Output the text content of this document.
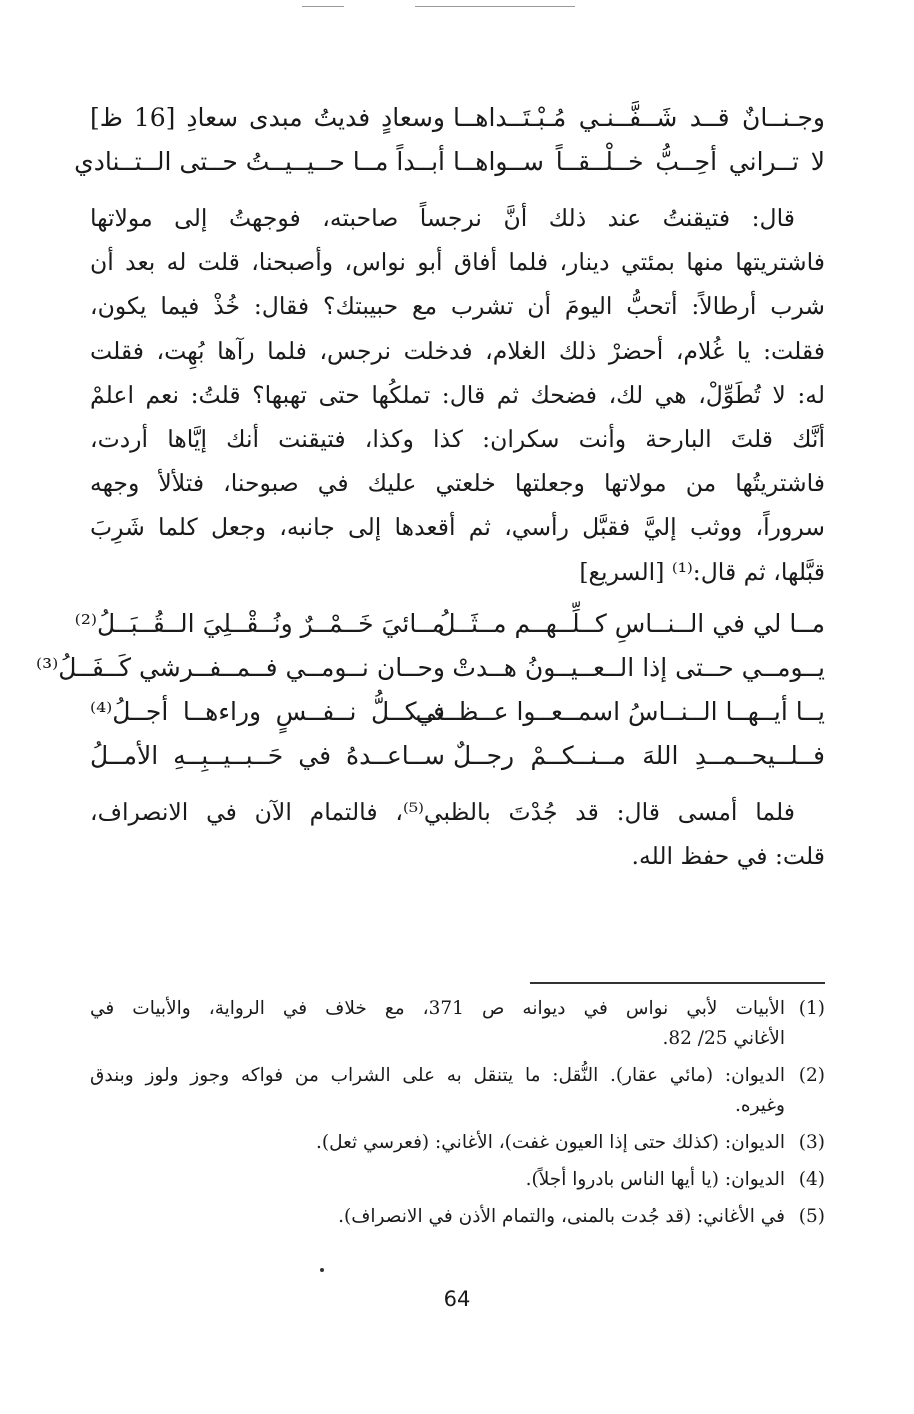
وجـنــانٌ قــد شَــفَّــنـي مُـبْـتَــداهــا
وسعادٍ فديتُ مبدى سعادِ [16 ظ]
لا تــراني أحِــبُّ خــلْــقــاً ســواهــا
أبــداً مــا حــيــيــتُ حــتى الــتــنادي

قال: فتيقنتُ عند ذلك أنَّ نرجساً صاحبته، فوجهتُ إلى مولاتها
فاشتريتها منها بمئتي دينار، فلما أفاق أبو نواس، وأصبحنا، قلت له بعد أن
شرب أرطالاً: أتحبُّ اليومَ أن تشرب مع حبيبتك؟ فقال: خُذْ فيما يكون،
فقلت: يا غُلام، أحضرْ ذلك الغلام، فدخلت نرجس، فلما رآها بُهِت، فقلت
له: لا تُطَوِّلْ، هي لك، فضحك ثم قال: تملكُها حتى تهبها؟ قلتُ: نعم اعلمْ
أنَّك قلتَ البارحة وأنت سكران: كذا وكذا، فتيقنت أنك إيَّاها أردت،
فاشتريتُها من مولاتها وجعلتها خلعتي عليك في صبوحنا، فتلألأ وجهه
سروراً، ووثب إليَّ فقبَّل رأسي، ثم أقعدها إلى جانبه، وجعل كلما شَرِبَ
قبَّلها، ثم قال:⁽¹⁾ [السريع]

مــا لي في الــنــاسِ كــلِّــهــم مــثَــلُ
مــائيَ خَــمْــرٌ ونُــقْــلِيَ الــقُــبَــلُ⁽²⁾
يــومــي حــتى إذا الــعــيــونُ هــدتْ
وحــان نــومــي فــمــفــرشي كَــفَــلُ⁽³⁾
يــا أيــهــا الــنــاسُ اسمــعــوا عــظــتي
فــكــلُّ نــفــسٍ وراءهــا أجــلُ⁽⁴⁾
فــلــيحــمــدِ اللهَ مــنــكــمْ رجــلٌ
ســاعــدهُ في حَــبــيــبِــهِ الأمــلُ

فلما أمسى قال: قد جُدْتَ بالظبي⁽⁵⁾، فالتمام الآن في الانصراف،
قلت: في حفظ الله.

(1)
الأبيات لأبي نواس في ديوانه ص 371، مع خلاف في الرواية، والأبيات في
الأغاني 25/ 82.
(2)
الديوان: (مائي عقار). النُّقل: ما يتنقل به على الشراب من فواكه وجوز ولوز وبندق
وغيره.
(3)
الديوان: (كذلك حتى إذا العيون غفت)، الأغاني: (فعرسي ثعل).
(4)
الديوان: (يا أيها الناس بادروا أجلاً).
(5)
في الأغاني: (قد جُدت بالمنى، والتمام الأذن في الانصراف).
64
